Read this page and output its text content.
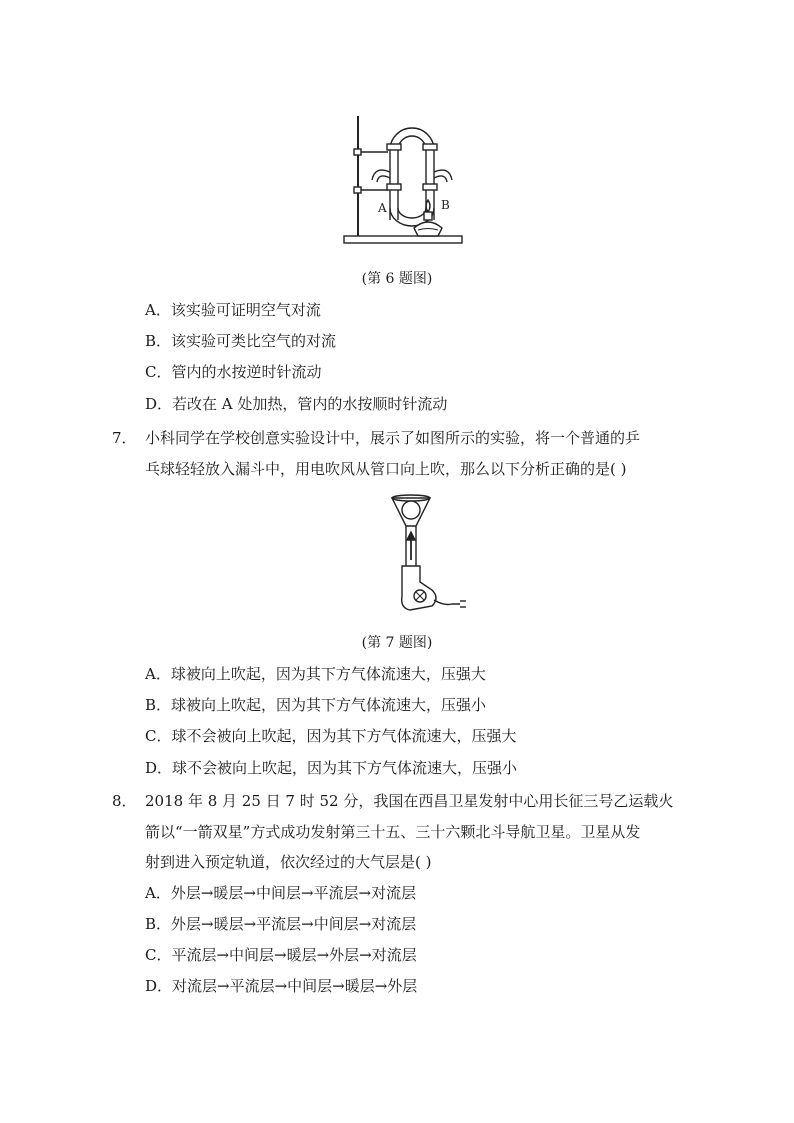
A	B
(第 6 题图)
A．该实验可证明空气对流
B．该实验可类比空气的对流
C．管内的水按逆时针流动
D．若改在 A 处加热，管内的水按顺时针流动
7． 小科同学在学校创意实验设计中，展示了如图所示的实验，将一个普通的乒
乓球轻轻放入漏斗中，用电吹风从管口向上吹，那么以下分析正确的是( )
(第 7 题图)
A．球被向上吹起，因为其下方气体流速大，压强大
B．球被向上吹起，因为其下方气体流速大，压强小
C．球不会被向上吹起，因为其下方气体流速大，压强大
D．球不会被向上吹起，因为其下方气体流速大，压强小
8． 2018 年 8 月 25 日 7 时 52 分，我国在西昌卫星发射中心用长征三号乙运载火
箭以“一箭双星”方式成功发射第三十五、三十六颗北斗导航卫星。卫星从发
射到进入预定轨道，依次经过的大气层是( )
A．外层→暖层→中间层→平流层→对流层
B．外层→暖层→平流层→中间层→对流层
C．平流层→中间层→暖层→外层→对流层
D．对流层→平流层→中间层→暖层→外层
